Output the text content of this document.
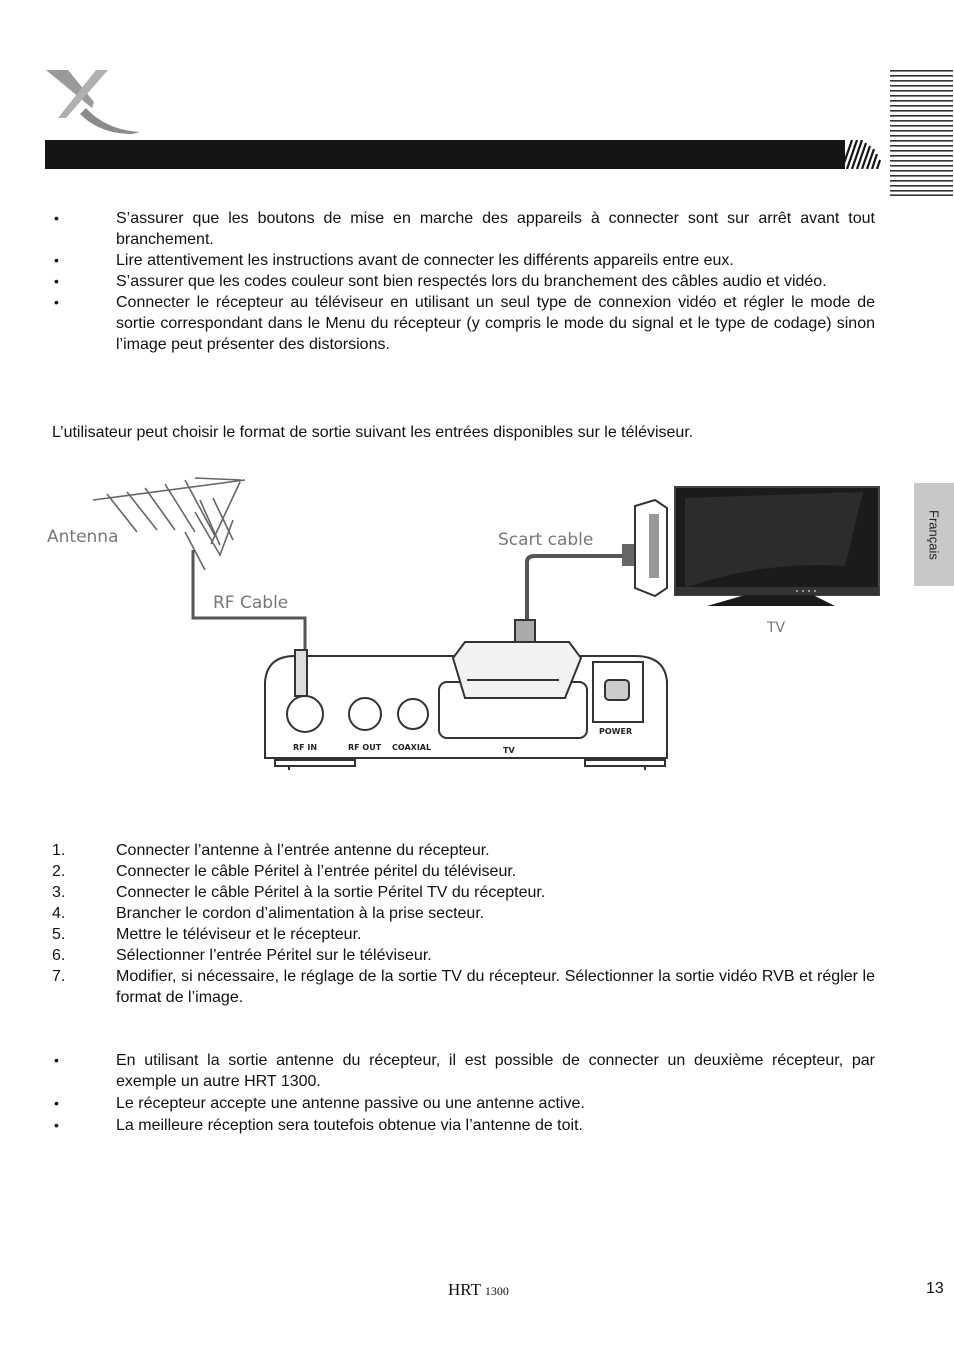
Français
• S’assurer que les boutons de mise en marche des appareils à connecter sont sur arrêt avant tout branchement.
• Lire attentivement les instructions avant de connecter les différents appareils entre eux.
• S’assurer que les codes couleur sont bien respectés lors du branchement des câbles audio et vidéo.
• Connecter le récepteur au téléviseur en utilisant un seul type de connexion vidéo et régler le mode de sortie correspondant dans le Menu du récepteur (y compris le mode du signal et le type de codage) sinon l’image peut présenter des distorsions.
L’utilisateur peut choisir le format de sortie suivant les entrées disponibles sur le téléviseur.
Antenna
RF Cable
Scart cable
TV
RF IN	RF OUT COAXIAL	TV
POWER
1.	Connecter l’antenne à l’entrée antenne du récepteur.
2.	Connecter le câble Péritel à l’entrée péritel du téléviseur.
3.	Connecter le câble Péritel à la sortie Péritel TV du récepteur.
4.	Brancher le cordon d’alimentation à la prise secteur.
5.	Mettre le téléviseur et le récepteur.
6.	Sélectionner l’entrée Péritel sur le téléviseur.
7.	Modifier, si nécessaire, le réglage de la sortie TV du récepteur. Sélectionner la sortie vidéo RVB et régler le format de l’image.
• En utilisant la sortie antenne du récepteur, il est possible de connecter un deuxième récepteur, par exemple un autre HRT 1300.
• Le récepteur accepte une antenne passive ou une antenne active.
• La meilleure réception sera toutefois obtenue via l’antenne de toit.
HRT 1300	13
